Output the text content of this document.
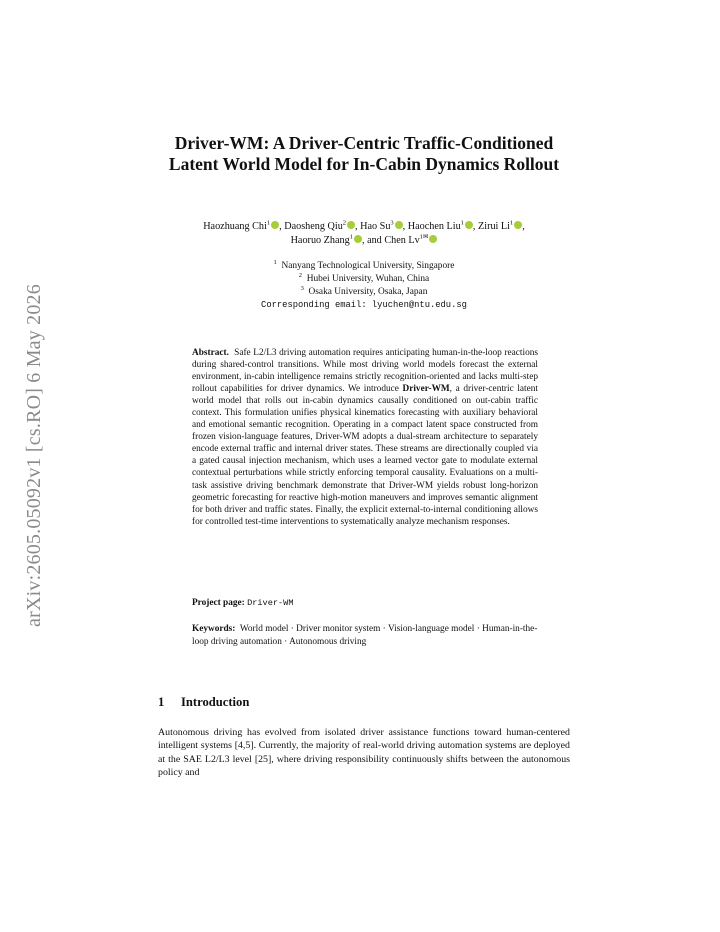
arXiv:2605.05092v1 [cs.RO] 6 May 2026
Driver-WM: A Driver-Centric Traffic-Conditioned Latent World Model for In-Cabin Dynamics Rollout
Haozhuang Chi$^1$ , Daosheng Qiu$^2$ , Hao Su$^3$ , Haochen Liu$^1$ , Zirui Li$^1$ ,
Haoruo Zhang$^1$ , and Chen $Lv^{1✉}$
$^1$ Nanyang Technological University, Singapore
$^2$ Hubei University, Wuhan, China
$^3$ Osaka University, Osaka, Japan
Corresponding email: lyuchen@ntu.edu.sg

Abstract. Safe L2/L3 driving automation requires anticipating human-in-the-loop reactions during shared-control transitions. While most driving world models forecast the external environment, in-cabin intelligence remains strictly recognition-oriented and lacks multi-step rollout capabilities for driver dynamics. We introduce Driver-WM, a driver-centric latent world model that rolls out in-cabin dynamics causally conditioned on out-cabin traffic context. This formulation unifies physical kinematics forecasting with auxiliary behavioral and emotional semantic recognition. Operating in a compact latent space constructed from frozen vision-language features, Driver-WM adopts a dual-stream architecture to separately encode external traffic and internal driver states. These streams are directionally coupled via a gated causal injection mechanism, which uses a learned vector gate to modulate external contextual perturbations while strictly enforcing temporal causality. Evaluations on a multi-task assistive driving benchmark demonstrate that Driver-WM yields robust long-horizon geometric forecasting for reactive high-motion maneuvers and improves semantic alignment for both driver and traffic states. Finally, the explicit external-to-internal conditioning allows for controlled test-time interventions to systematically analyze mechanism responses.

Project page: Driver-WM
Keywords: World model · Driver monitor system · Vision-language model · Human-in-the-loop driving automation · Autonomous driving
1 Introduction

Autonomous driving has evolved from isolated driver assistance functions toward human-centered intelligent systems [4,5]. Currently, the majority of real-world driving automation systems are deployed at the SAE L2/L3 level [25], where driving responsibility continuously shifts between the autonomous policy and
